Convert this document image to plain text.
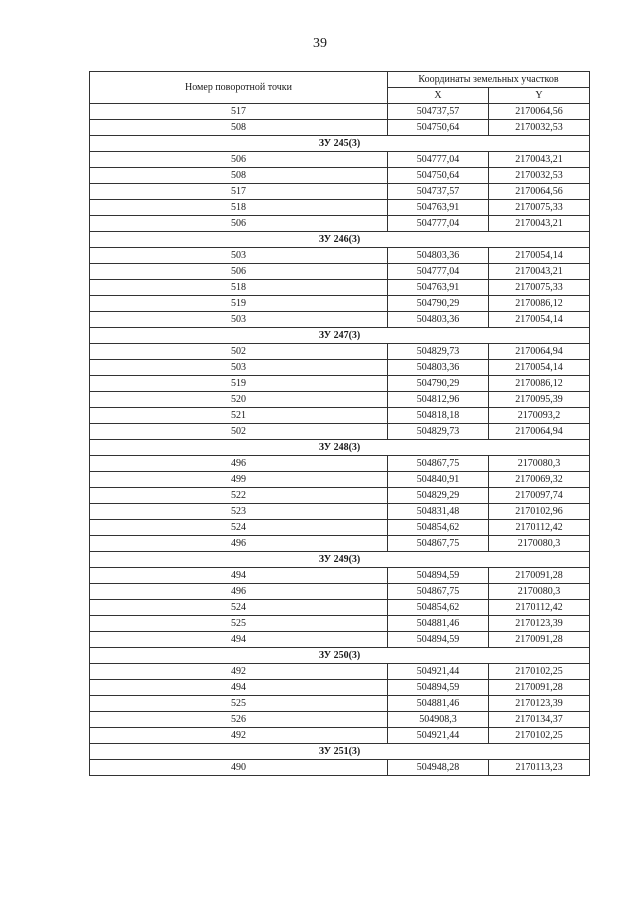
39
Номер поворотной точки	Координаты земельных участков	
	X	Y
517	504737,57	2170064,56
508	504750,64	2170032,53
ЗУ 245(3)		
506	504777,04	2170043,21
508	504750,64	2170032,53
517	504737,57	2170064,56
518	504763,91	2170075,33
506	504777,04	2170043,21
ЗУ 246(3)		
503	504803,36	2170054,14
506	504777,04	2170043,21
518	504763,91	2170075,33
519	504790,29	2170086,12
503	504803,36	2170054,14
ЗУ 247(3)		
502	504829,73	2170064,94
503	504803,36	2170054,14
519	504790,29	2170086,12
520	504812,96	2170095,39
521	504818,18	2170093,2
502	504829,73	2170064,94
ЗУ 248(3)		
496	504867,75	2170080,3
499	504840,91	2170069,32
522	504829,29	2170097,74
523	504831,48	2170102,96
524	504854,62	2170112,42
496	504867,75	2170080,3
ЗУ 249(3)		
494	504894,59	2170091,28
496	504867,75	2170080,3
524	504854,62	2170112,42
525	504881,46	2170123,39
494	504894,59	2170091,28
ЗУ 250(3)		
492	504921,44	2170102,25
494	504894,59	2170091,28
525	504881,46	2170123,39
526	504908,3	2170134,37
492	504921,44	2170102,25
ЗУ 251(3)		
490	504948,28	2170113,23
